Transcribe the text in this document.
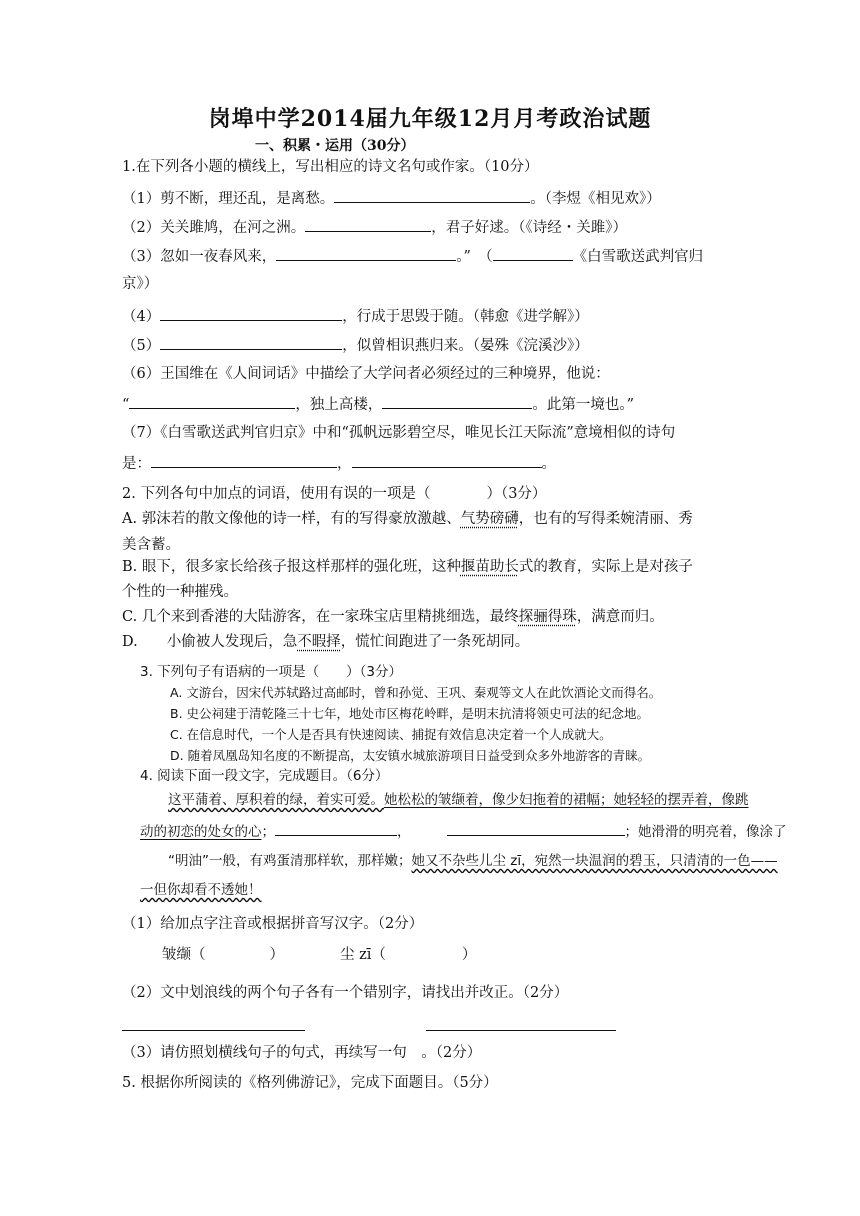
岗埠中学2014届九年级12月月考政治试题
一、积累・运用（30分）
1.在下列各小题的横线上，写出相应的诗文名句或作家。（10分）
（1）剪不断，理还乱，是离愁。	。（李煜《相见欢》）
（2）关关雎鸠，在河之洲。	，君子好逑。（《诗经・关雎》）
（3）忽如一夜春风来，	。”　（	《白雪歌送武判官归
京》）
（4）	，行成于思毁于随。（韩愈《进学解》）
（5）	，似曾相识燕归来。（晏殊《浣溪沙》）
（6）王国维在《人间词话》中描绘了大学问者必须经过的三种境界，他说：
“	，独上高楼，	。此第一境也。”
（7）《白雪歌送武判官归京》中和“孤帆远影碧空尽，唯见长江天际流”意境相似的诗句
是：	，	。
2. 下列各句中加点的词语，使用有误的一项是（	）（3分）
A. 郭沫若的散文像他的诗一样，有的写得豪放激越、气势磅礴，也有的写得柔婉清丽、秀
美含蓄。
B. 眼下，很多家长给孩子报这样那样的强化班，这种揠苗助长式的教育，实际上是对孩子
个性的一种摧残。
C. 几个来到香港的大陆游客，在一家珠宝店里精挑细选，最终探骊得珠，满意而归。
D.　　小偷被人发现后，急不暇择，慌忙间跑进了一条死胡同。
3. 下列句子有语病的一项是（　　）（3分）
A. 文游台，因宋代苏轼路过高邮时，曾和孙觉、王巩、秦观等文人在此饮酒论文而得名。
B. 史公祠建于清乾隆三十七年，地处市区梅花岭畔，是明末抗清将领史可法的纪念地。
C. 在信息时代，一个人是否具有快速阅读、捕捉有效信息决定着一个人成就大。
D. 随着凤凰岛知名度的不断提高，太安镇水城旅游项目日益受到众多外地游客的青睐。
4. 阅读下面一段文字，完成题目。（6分）
这平蒲着、厚积着的绿，着实可爱。她松松的皱缬着，像少妇拖着的裙幅；她轻轻的摆弄着，像跳
动的初恋的处女的心；	，	；她滑滑的明亮着，像涂了
“明油”一般，有鸡蛋清那样软，那样嫩；她又不杂些儿尘 zī，宛然一块温润的碧玉，只清清的一色——
一但你却看不透她！
（1）给加点字注音或根据拼音写汉字。（2分）
皱缬（	）	尘 zī（	）
（2）文中划浪线的两个句子各有一个错别字，请找出并改正。（2分）
（3）请仿照划横线句子的句式，再续写一句　。（2分）
5. 根据你所阅读的《格列佛游记》，完成下面题目。（5分）
